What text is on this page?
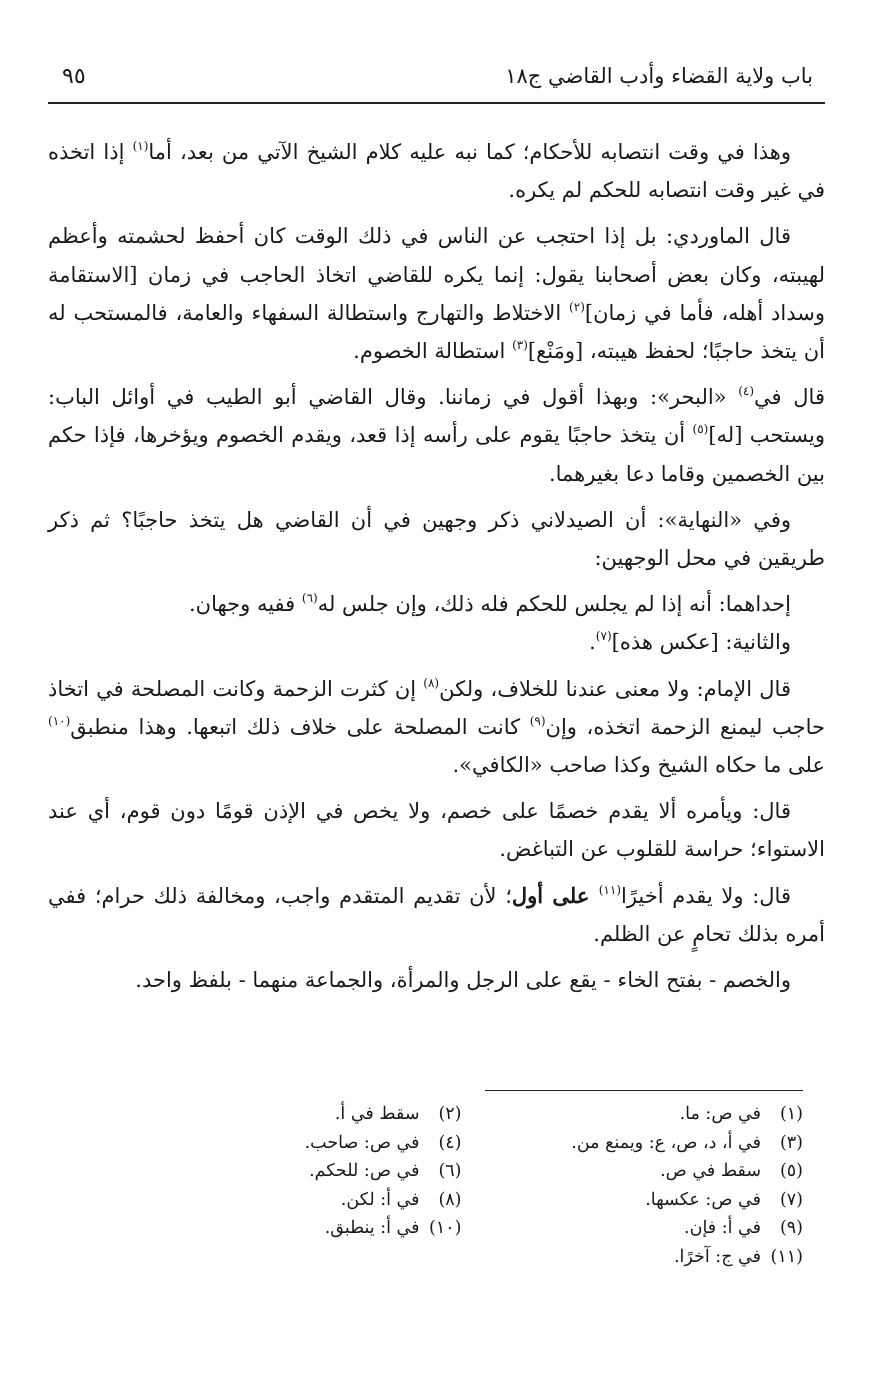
باب ولاية القضاء وأدب القاضي ج١٨
٩٥

وهذا في وقت انتصابه للأحكام؛ كما نبه عليه كلام الشيخ الآتي من بعد، أما$^{(١)}$ إذا اتخذه في غير وقت انتصابه للحكم لم يكره.

قال الماوردي: بل إذا احتجب عن الناس في ذلك الوقت كان أحفظ لحشمته وأعظم لهيبته، وكان بعض أصحابنا يقول: إنما يكره للقاضي اتخاذ الحاجب في زمان [الاستقامة وسداد أهله، فأما في زمان]$^{(٢)}$ الاختلاط والتهارج واستطالة السفهاء والعامة، فالمستحب له أن يتخذ حاجبًا؛ لحفظ هيبته، [ومَنْع]$^{(٣)}$ استطالة الخصوم.

قال في$^{(٤)}$ «البحر»: وبهذا أقول في زماننا. وقال القاضي أبو الطيب في أوائل الباب: ويستحب [له]$^{(٥)}$ أن يتخذ حاجبًا يقوم على رأسه إذا قعد، ويقدم الخصوم ويؤخرها، فإذا حكم بين الخصمين وقاما دعا بغيرهما.

وفي «النهاية»: أن الصيدلاني ذكر وجهين في أن القاضي هل يتخذ حاجبًا؟ ثم ذكر طريقين في محل الوجهين:

إحداهما: أنه إذا لم يجلس للحكم فله ذلك، وإن جلس له$^{(٦)}$ ففيه وجهان.

والثانية: [عكس هذه]$^{(٧)}$.

قال الإمام: ولا معنى عندنا للخلاف، ولكن$^{(٨)}$ إن كثرت الزحمة وكانت المصلحة في اتخاذ حاجب ليمنع الزحمة اتخذه، وإن$^{(٩)}$ كانت المصلحة على خلاف ذلك اتبعها. وهذا منطبق$^{(١٠)}$ على ما حكاه الشيخ وكذا صاحب «الكافي».

قال: ويأمره ألا يقدم خصمًا على خصم، ولا يخص في الإذن قومًا دون قوم، أي عند الاستواء؛ حراسة للقلوب عن التباغض.

قال: ولا يقدم أخيرًا$^{(١١)}$ على أول؛ لأن تقديم المتقدم واجب، ومخالفة ذلك حرام؛ ففي أمره بذلك تحامٍ عن الظلم.

والخصم - بفتح الخاء - يقع على الرجل والمرأة، والجماعة منهما - بلفظ واحد.

(١)في ص: ما.
(٢)سقط في أ.
(٣)في أ، د، ص، ع: ويمنع من.
(٤)في ص: صاحب.
(٥)سقط في ص.
(٦)في ص: للحكم.
(٧)في ص: عكسها.
(٨)في أ: لكن.
(٩)في أ: فإن.
(١٠)في أ: ينطبق.
(١١)في ج: آخرًا.
